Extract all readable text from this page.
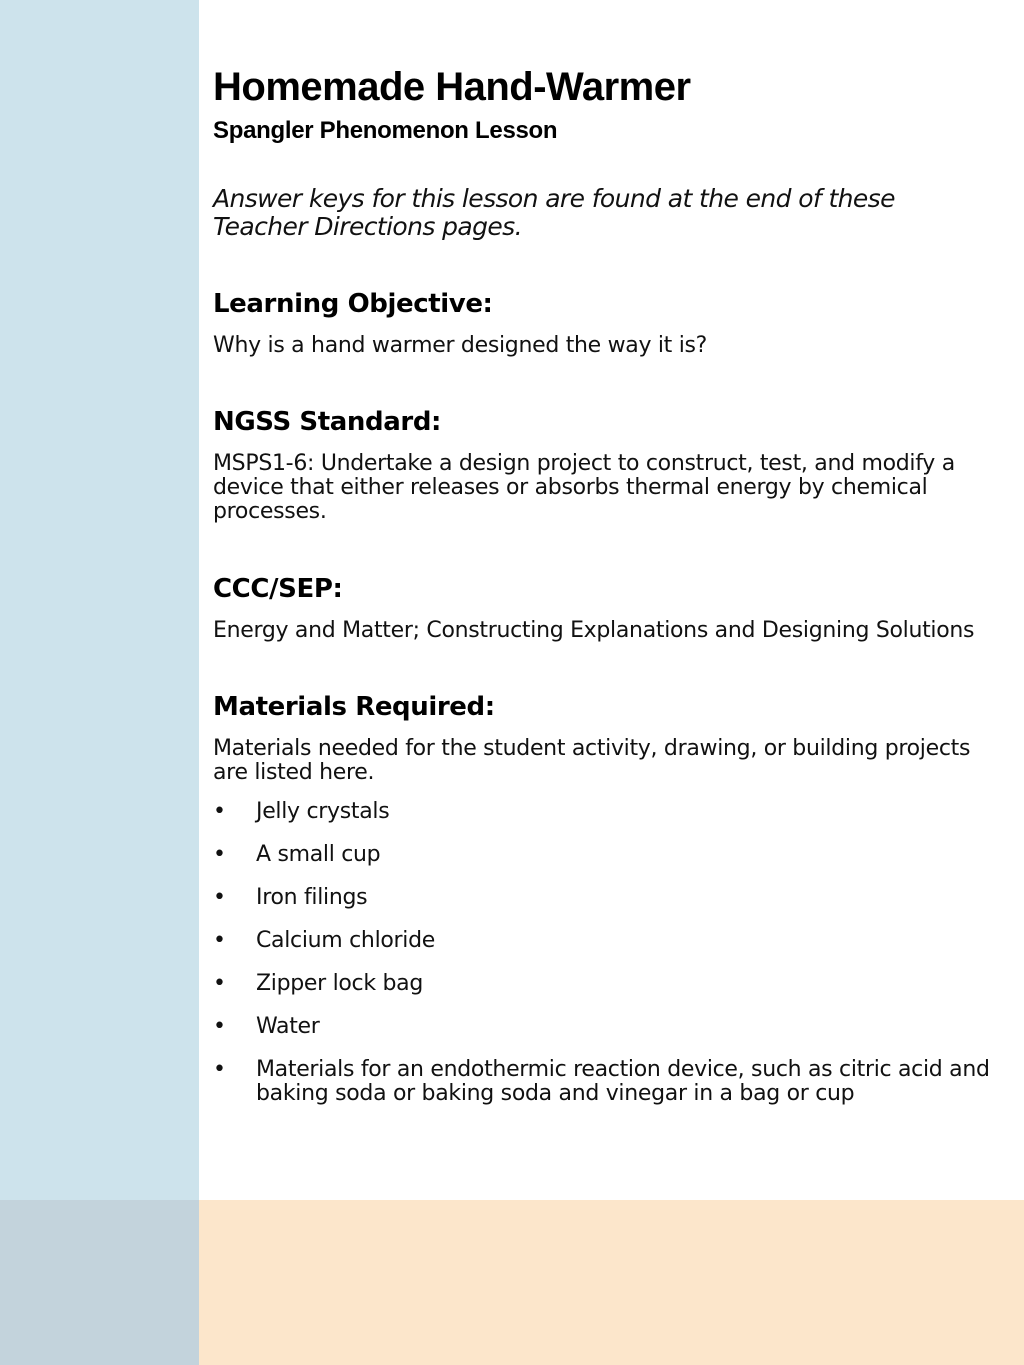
Homemade Hand-Warmer
Spangler Phenomenon Lesson

Answer keys for this lesson are found at the end of these Teacher Directions pages.

Learning Objective:

Why is a hand warmer designed the way it is?

NGSS Standard:

MSPS1-6: Undertake a design project to construct, test, and modify a device that either releases or absorbs thermal energy by chemical processes.

CCC/SEP:

Energy and Matter; Constructing Explanations and Designing Solutions

Materials Required:

Materials needed for the student activity, drawing, or building projects are listed here.

• Jelly crystals
• A small cup
• Iron filings
• Calcium chloride
• Zipper lock bag
• Water
• Materials for an endothermic reaction device, such as citric acid and baking soda or baking soda and vinegar in a bag or cup
